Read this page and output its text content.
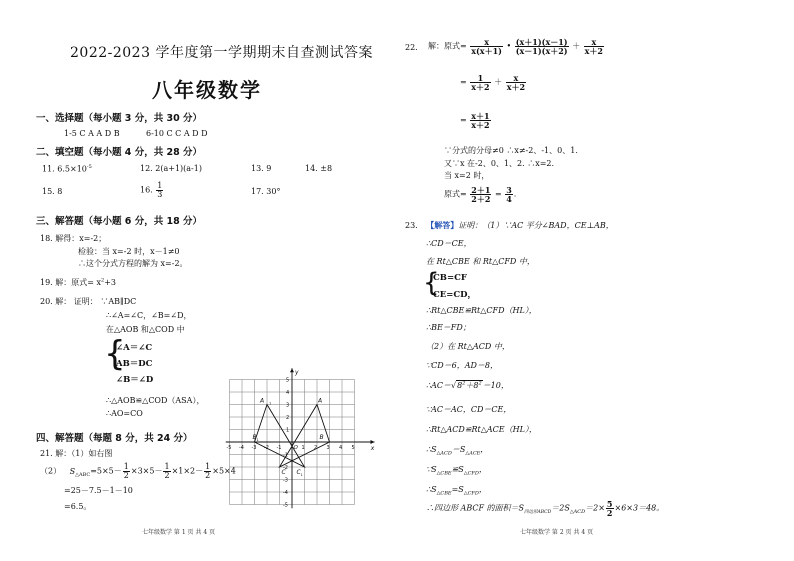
2022-2023 学年度第一学期期末自查测试答案
八年级数学
一、选择题（每小题 3 分，共 30 分）
1-5 C A A D B	6-10 C C A D D
二、填空题（每小题 4 分，共 28 分）
11. $6.5\times 10^{-5}$	12. 2(a+1)(a-1)	13. 9	14. ±8
15. 8	16. $\frac{1}{3}$	17. 30°
三、解答题（每小题 6 分，共 18 分）
18. 解得：x=-2；
检验：当 x=-2 时，x－1≠0
∴这个分式方程的解为 x=-2。
19. 解：原式= $x^2+3$
20. 解： 证明： ∵AB∥DC
∴∠A=∠C，∠B=∠D，
在△AOB 和△COD 中
{
∠A＝∠C
AB＝DC
∠B＝∠D
∴△AOB≌△COD（ASA），
∴AO=CO
四、解答题（每题 8 分，共 24 分）
21. 解：（1）如右图
（2） $S_{\triangle ABC}=5\times 5- \frac{1}{2} \times 3\times 5- \frac{1}{2} \times 1\times 2- \frac{1}{2} \times 5\times 4$
=25－7.5－1－10
=6.5。
-5 -4 -3 -2 -1 O 1 2 3 4 5
5
4
3
2
1
-1
-2
-3
-4
-5
x
y
A
B
C
A
B
C
1
1
1
22. 解：原式= $\frac{x}{x(x+1)}$ • $\frac{(x+1)(x-1)}{(x-1)(x+2)} + \frac{x}{x+2}$
= $\frac{1}{x+2} + \frac{x}{x+2}$
= $\frac{x+1}{x+2}$
∵分式的分母≠0 ∴x≠-2、-1、0、1.
又∵x 在-2、0、1、2. ∴x=2.
当 x=2 时，
原式= $\frac{2+1}{2+2} = \frac{3}{4}$ .
23. 【解答】证明：（1）∵AC 平分∠BAD，CE⊥AB，
∴CD＝CE，
在 Rt△CBE 和 Rt△CFD 中，
{
CB=CF
CE=CD，
∴Rt△CBE≌Rt△CFD（HL），
∴BE＝FD；
（2）在 Rt△ACD 中，
∵CD＝6，AD＝8，
$\therefore AC=√8^2+8^2=10$，
∵AC＝AC，CD＝CE，
∴Rt△ACD≌Rt△ACE（HL），
$\therefore S_{\triangle ACD}=S_{\triangle ACE}$，
$\because S_{\triangle CBE}≌S_{\triangle CFD}$，
$\therefore S_{\triangle CBE}=S_{\triangle CFD}$，
∴四边形 ABCF 的面积$=S_{四边形ABCD}=2S_{\triangle ACD}=2\times \frac{5}{2} \times 6\times 3=48$。
七年级数学 第 1 页 共 4 页	七年级数学 第 2 页 共 4 页
